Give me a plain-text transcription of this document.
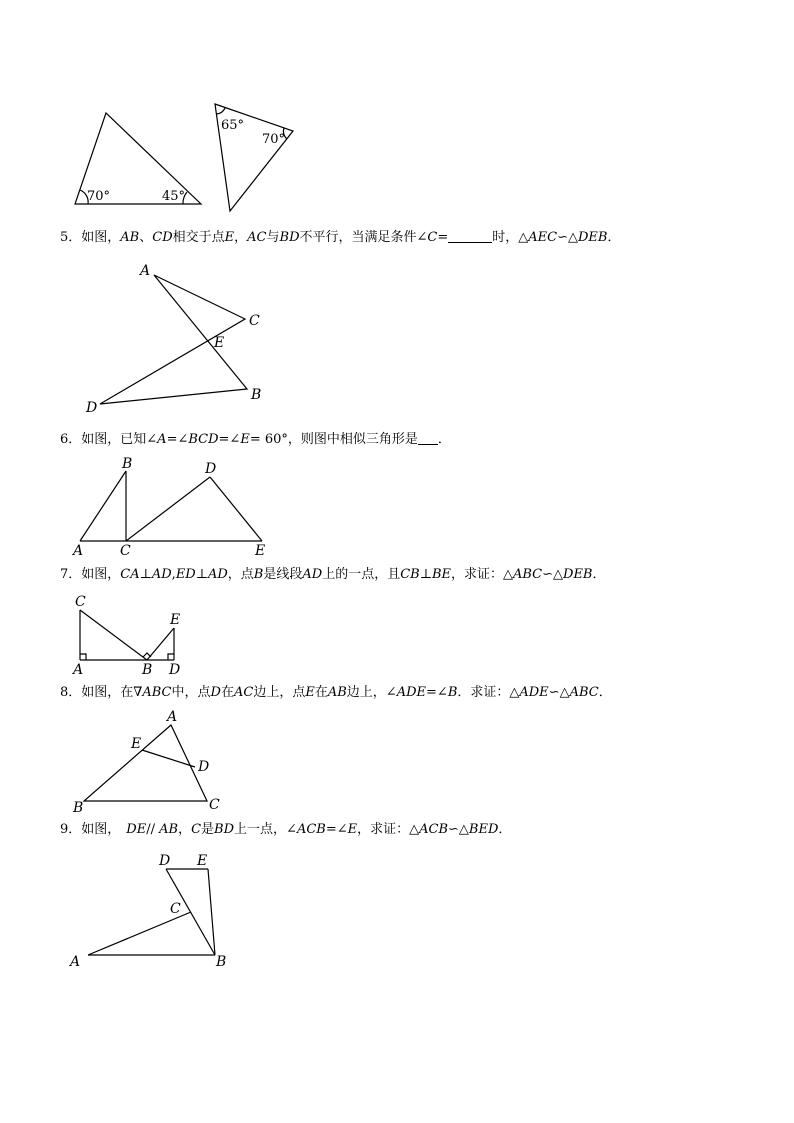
70°	45°
65°
70°

5．如图，AB、CD相交于点E，AC与BD不平行，当满足条件∠C=	时，△AEC∽△DEB．

A
C
E
B
D

6．如图，已知∠A=∠BCD=∠E= 60°，则图中相似三角形是 ．

B	D
A	C	E

7．如图，CA⊥AD,ED⊥AD，点B是线段AD上的一点，且CB⊥BE，求证：△ABC∽△DEB．

C
E
A	B D

8．如图，在∇ABC中，点D在AC边上，点E在AB边上，∠ADE=∠B．求证：△ADE∽△ABC．

A
E
D
B	C

9．如图， DE// AB，C是BD上一点，∠ACB=∠E，求证：△ACB∽△BED．

D E
C
A	B
